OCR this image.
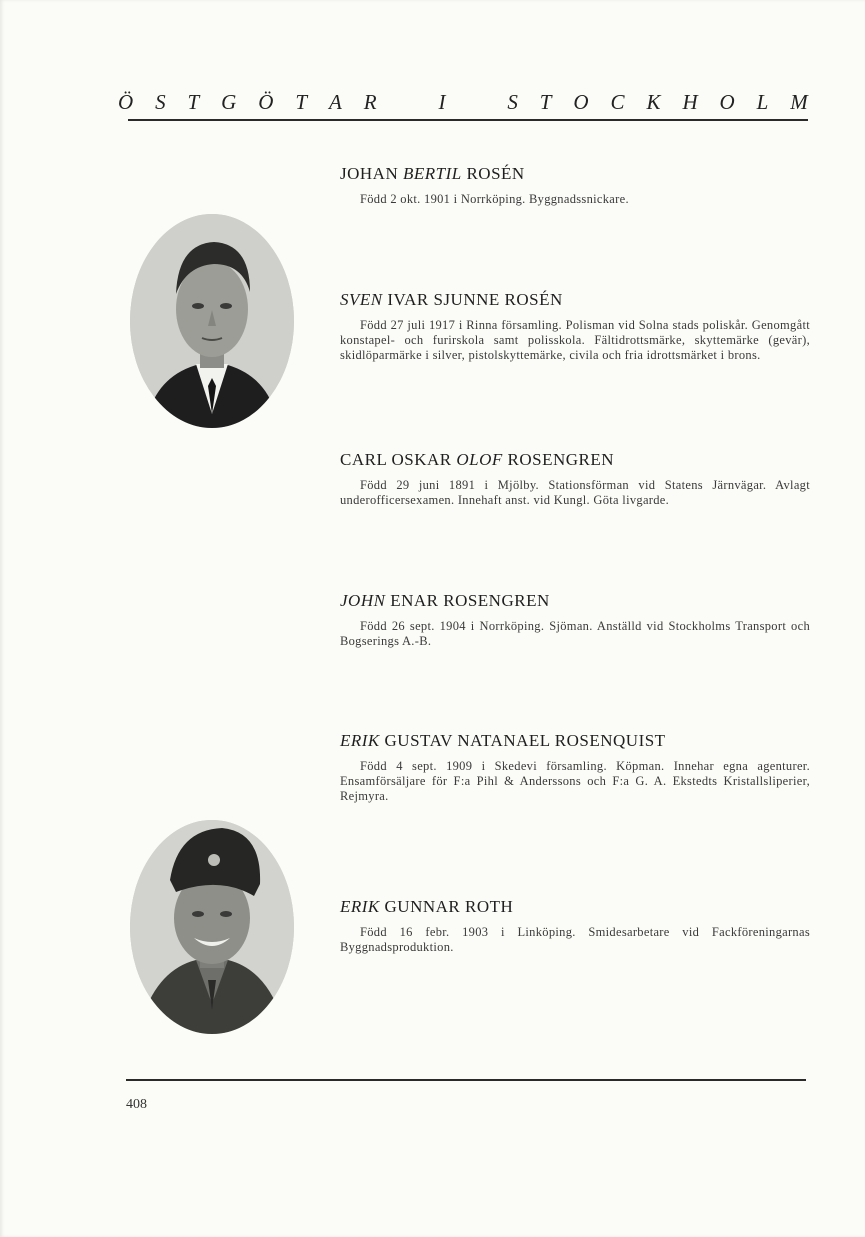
Ö S T G Ö T A R	I	S T O C K H O L M

JOHAN BERTIL ROSÉN

Född 2 okt. 1901 i Norrköping. Byggnadssnickare.

SVEN IVAR SJUNNE ROSÉN

Född 27 juli 1917 i Rinna församling. Polisman vid Solna stads poliskår. Genomgått konstapel- och furirskola samt polisskola. Fältidrottsmärke, skyttemärke (gevär), skidlöparmärke i silver, pistolskyttemärke, civila och fria idrottsmärket i brons.

CARL OSKAR OLOF ROSENGREN

Född 29 juni 1891 i Mjölby. Stationsförman vid Statens Järnvägar. Avlagt underofficersexamen. Innehaft anst. vid Kungl. Göta livgarde.

JOHN ENAR ROSENGREN

Född 26 sept. 1904 i Norrköping. Sjöman. Anställd vid Stockholms Transport och Bogserings A.-B.

ERIK GUSTAV NATANAEL ROSENQUIST

Född 4 sept. 1909 i Skedevi församling. Köpman. Innehar egna agenturer. Ensamförsäljare för F:a Pihl & Anderssons och F:a G. A. Ekstedts Kristallsliperier, Rejmyra.

ERIK GUNNAR ROTH

Född 16 febr. 1903 i Linköping. Smidesarbetare vid Fackföreningarnas Byggnadsproduktion.

408
